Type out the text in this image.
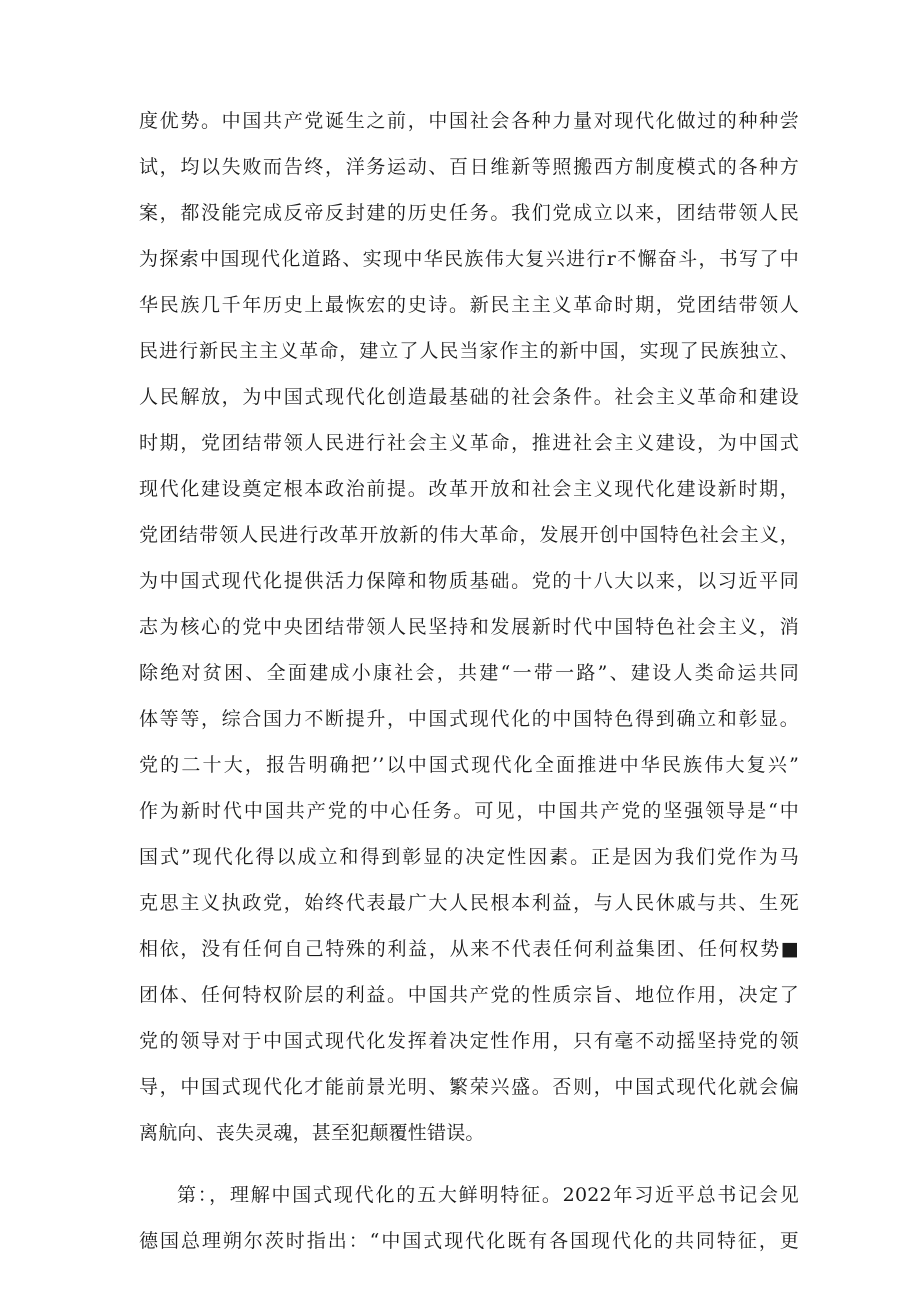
度优势。中国共产党诞生之前，中国社会各种力量对现代化做过的种种尝
试，均以失败而告终，洋务运动、百日维新等照搬西方制度模式的各种方
案，都没能完成反帝反封建的历史任务。我们党成立以来，团结带领人民
为探索中国现代化道路、实现中华民族伟大复兴进行r不懈奋斗，书写了中
华民族几千年历史上最恢宏的史诗。新民主主义革命时期，党团结带领人
民进行新民主主义革命，建立了人民当家作主的新中国，实现了民族独立、
人民解放，为中国式现代化创造最基础的社会条件。社会主义革命和建设
时期，党团结带领人民进行社会主义革命，推进社会主义建设，为中国式
现代化建设奠定根本政治前提。改革开放和社会主义现代化建设新时期，
党团结带领人民进行改革开放新的伟大革命，发展开创中国特色社会主义，
为中国式现代化提供活力保障和物质基础。党的十八大以来，以习近平同
志为核心的党中央团结带领人民坚持和发展新时代中国特色社会主义，消
除绝对贫困、全面建成小康社会，共建“一带一路”、建设人类命运共同
体等等，综合国力不断提升，中国式现代化的中国特色得到确立和彰显。
党的二十大，报告明确把’’以中国式现代化全面推进中华民族伟大复兴”
作为新时代中国共产党的中心任务。可见，中国共产党的坚强领导是“中
国式”现代化得以成立和得到彰显的决定性因素。正是因为我们党作为马
克思主义执政党，始终代表最广大人民根本利益，与人民休戚与共、生死
相依，没有任何自己特殊的利益，从来不代表任何利益集团、任何权势■
团体、任何特权阶层的利益。中国共产党的性质宗旨、地位作用，决定了
党的领导对于中国式现代化发挥着决定性作用，只有毫不动摇坚持党的领
导，中国式现代化才能前景光明、繁荣兴盛。否则，中国式现代化就会偏
离航向、丧失灵魂，甚至犯颠覆性错误。
第：，理解中国式现代化的五大鲜明特征。2022年习近平总书记会见
德国总理朔尔茨时指出：“中国式现代化既有各国现代化的共同特征，更
